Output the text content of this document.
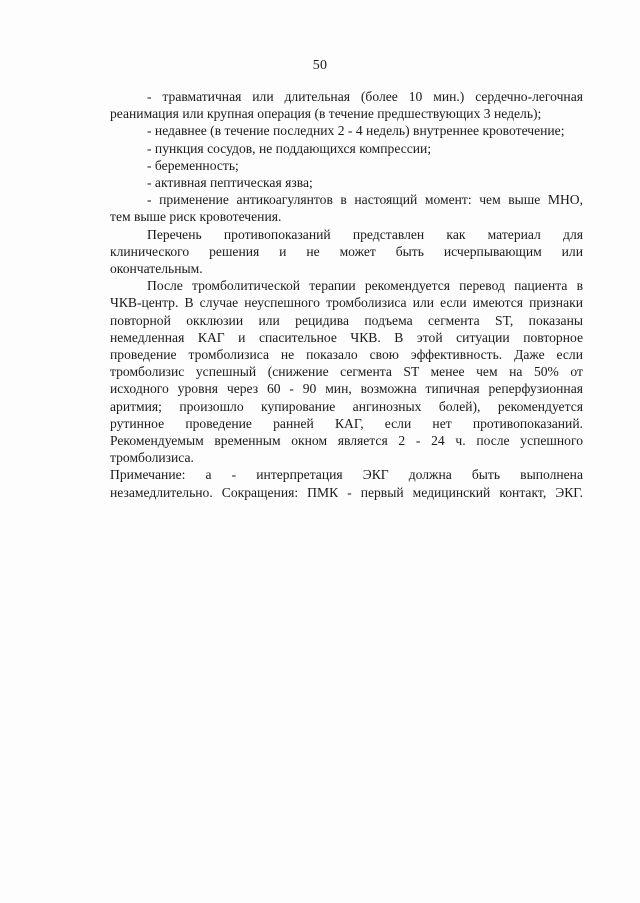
50
- травматичная или длительная (более 10 мин.) сердечно-легочная
реанимация или крупная операция (в течение предшествующих 3 недель);
- недавнее (в течение последних 2 - 4 недель) внутреннее кровотечение;
- пункция сосудов, не поддающихся компрессии;
- беременность;
- активная пептическая язва;
- применение антикоагулянтов в настоящий момент: чем выше МНО,
тем выше риск кровотечения.
Перечень противопоказаний представлен как материал для
клинического решения и не может быть исчерпывающим или
окончательным.
После тромболитической терапии рекомендуется перевод пациента в
ЧКВ-центр. В случае неуспешного тромболизиса или если имеются признаки
повторной окклюзии или рецидива подъема сегмента ST, показаны
немедленная КАГ и спасительное ЧКВ. В этой ситуации повторное
проведение тромболизиса не показало свою эффективность. Даже если
тромболизис успешный (снижение сегмента ST менее чем на 50% от
исходного уровня через 60 - 90 мин, возможна типичная реперфузионная
аритмия; произошло купирование ангинозных болей), рекомендуется
рутинное проведение ранней КАГ, если нет противопоказаний.
Рекомендуемым временным окном является 2 - 24 ч. после успешного
тромболизиса.
Примечание: а - интерпретация ЭКГ должна быть выполнена
незамедлительно. Сокращения: ПМК - первый медицинский контакт, ЭКГ.
